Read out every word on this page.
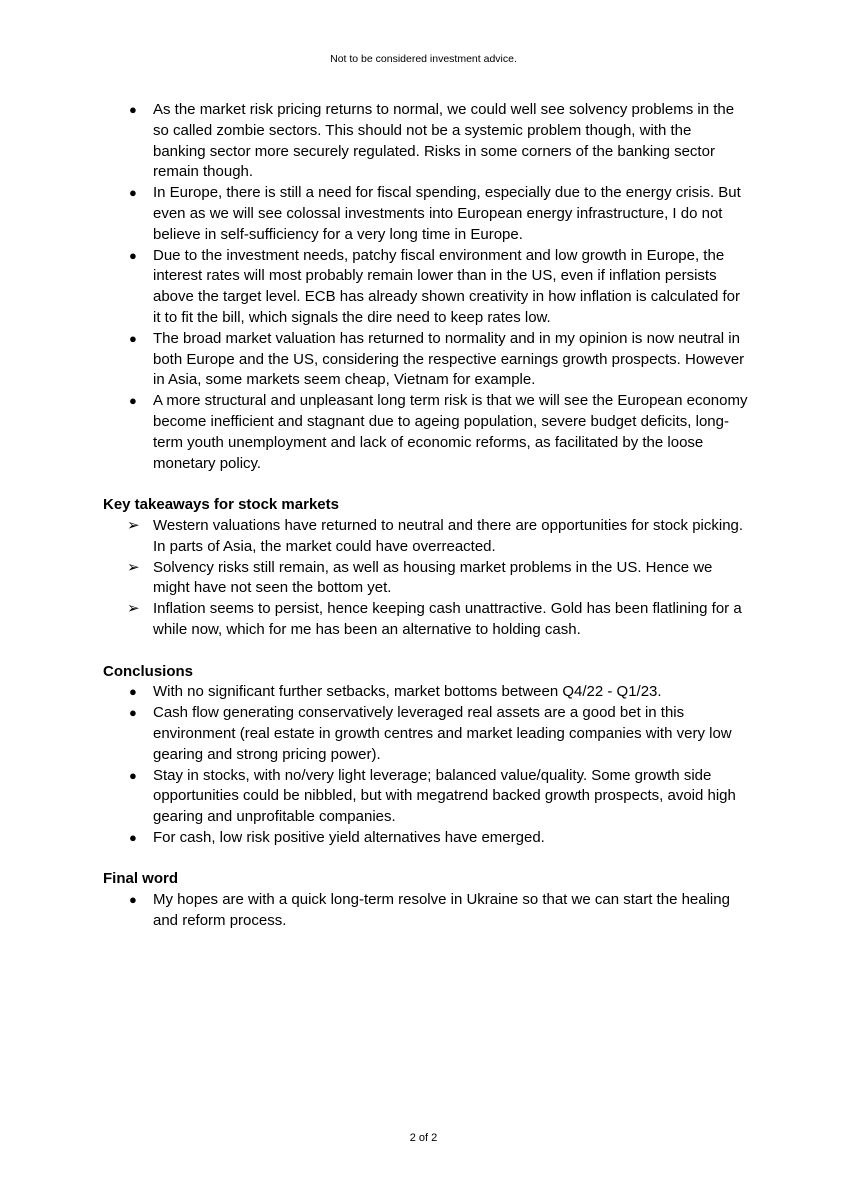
Not to be considered investment advice.
● As the market risk pricing returns to normal, we could well see solvency problems in the so called zombie sectors. This should not be a systemic problem though, with the banking sector more securely regulated. Risks in some corners of the banking sector remain though.
● In Europe, there is still a need for fiscal spending, especially due to the energy crisis. But even as we will see colossal investments into European energy infrastructure, I do not believe in self-sufficiency for a very long time in Europe.
● Due to the investment needs, patchy fiscal environment and low growth in Europe, the interest rates will most probably remain lower than in the US, even if inflation persists above the target level. ECB has already shown creativity in how inflation is calculated for it to fit the bill, which signals the dire need to keep rates low.
● The broad market valuation has returned to normality and in my opinion is now neutral in both Europe and the US, considering the respective earnings growth prospects. However in Asia, some markets seem cheap, Vietnam for example.
● A more structural and unpleasant long term risk is that we will see the European economy become inefficient and stagnant due to ageing population, severe budget deficits, long-term youth unemployment and lack of economic reforms, as facilitated by the loose monetary policy.

Key takeaways for stock markets

➢ Western valuations have returned to neutral and there are opportunities for stock picking. In parts of Asia, the market could have overreacted.
➢ Solvency risks still remain, as well as housing market problems in the US. Hence we might have not seen the bottom yet.
➢ Inflation seems to persist, hence keeping cash unattractive. Gold has been flatlining for a while now, which for me has been an alternative to holding cash.

Conclusions

● With no significant further setbacks, market bottoms between Q4/22 - Q1/23.
● Cash flow generating conservatively leveraged real assets are a good bet in this environment (real estate in growth centres and market leading companies with very low gearing and strong pricing power).
● Stay in stocks, with no/very light leverage; balanced value/quality. Some growth side opportunities could be nibbled, but with megatrend backed growth prospects, avoid high gearing and unprofitable companies.
● For cash, low risk positive yield alternatives have emerged.

Final word

● My hopes are with a quick long-term resolve in Ukraine so that we can start the healing and reform process.
2 of 2
